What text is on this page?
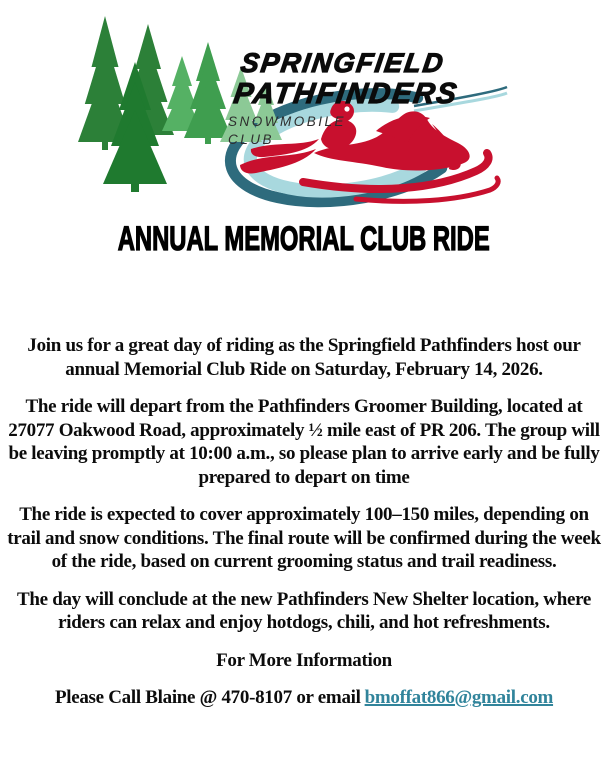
SPRINGFIELD
PATHFINDERS
SNOWMOBILE
CLUB
ANNUAL MEMORIAL CLUB RIDE

Join us for a great day of riding as the Springfield Pathfinders host our annual Memorial Club Ride on Saturday, February 14, 2026.

The ride will depart from the Pathfinders Groomer Building, located at 27077 Oakwood Road, approximately ½ mile east of PR 206. The group will be leaving promptly at 10:00 a.m., so please plan to arrive early and be fully prepared to depart on time

The ride is expected to cover approximately 100–150 miles, depending on trail and snow conditions. The final route will be confirmed during the week of the ride, based on current grooming status and trail readiness.

The day will conclude at the new Pathfinders New Shelter location, where riders can relax and enjoy hotdogs, chili, and hot refreshments.

For More Information

Please Call Blaine @ 470-8107 or email bmoffat866@gmail.com
